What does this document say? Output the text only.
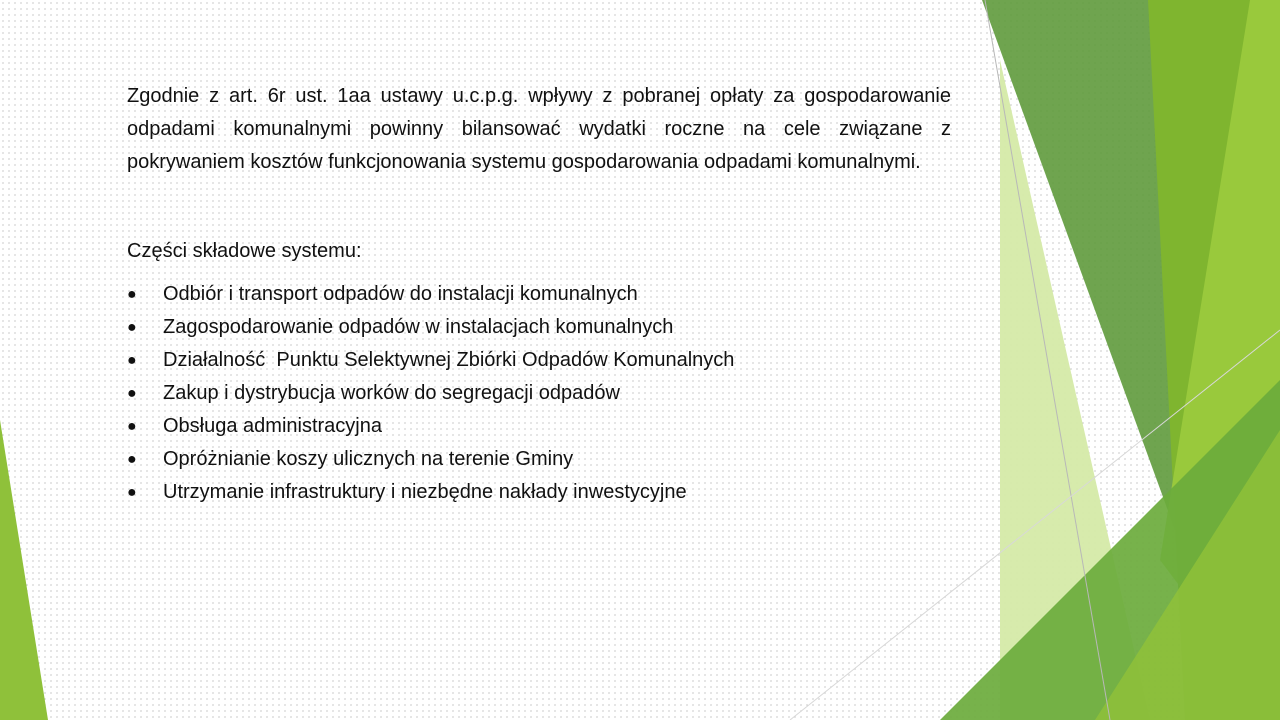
Zgodnie z art. 6r ust. 1aa ustawy u.c.p.g. wpływy z pobranej opłaty za gospodarowanie odpadami komunalnymi powinny bilansować wydatki roczne na cele związane z pokrywaniem kosztów funkcjonowania systemu gospodarowania odpadami komunalnymi.

Części składowe systemu:

● Odbiór i transport odpadów do instalacji komunalnych
● Zagospodarowanie odpadów w instalacjach komunalnych
● Działalność  Punktu Selektywnej Zbiórki Odpadów Komunalnych
● Zakup i dystrybucja worków do segregacji odpadów
● Obsługa administracyjna
● Opróżnianie koszy ulicznych na terenie Gminy
● Utrzymanie infrastruktury i niezbędne nakłady inwestycyjne
